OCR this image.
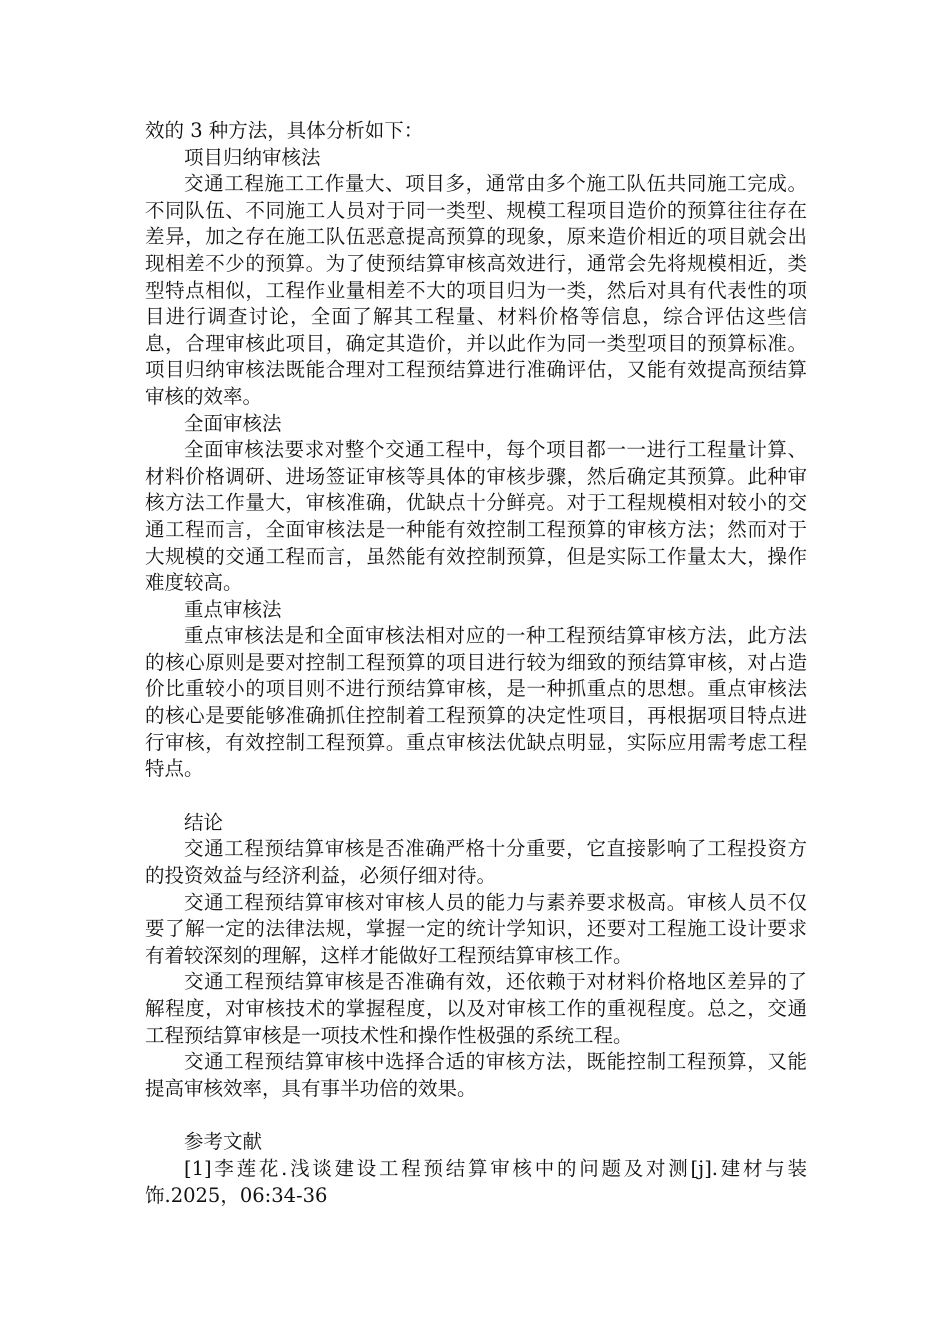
效的 3 种方法，具体分析如下：

项目归纳审核法

交通工程施工工作量大、项目多，通常由多个施工队伍共同施工完成。不同队伍、不同施工人员对于同一类型、规模工程项目造价的预算往往存在差异，加之存在施工队伍恶意提高预算的现象，原来造价相近的项目就会出现相差不少的预算。为了使预结算审核高效进行，通常会先将规模相近，类型特点相似，工程作业量相差不大的项目归为一类，然后对具有代表性的项目进行调查讨论，全面了解其工程量、材料价格等信息，综合评估这些信息，合理审核此项目，确定其造价，并以此作为同一类型项目的预算标准。项目归纳审核法既能合理对工程预结算进行准确评估，又能有效提高预结算审核的效率。

全面审核法

全面审核法要求对整个交通工程中，每个项目都一一进行工程量计算、材料价格调研、进场签证审核等具体的审核步骤，然后确定其预算。此种审核方法工作量大，审核准确，优缺点十分鲜亮。对于工程规模相对较小的交通工程而言，全面审核法是一种能有效控制工程预算的审核方法；然而对于大规模的交通工程而言，虽然能有效控制预算，但是实际工作量太大，操作难度较高。

重点审核法

重点审核法是和全面审核法相对应的一种工程预结算审核方法，此方法的核心原则是要对控制工程预算的项目进行较为细致的预结算审核，对占造价比重较小的项目则不进行预结算审核，是一种抓重点的思想。重点审核法的核心是要能够准确抓住控制着工程预算的决定性项目，再根据项目特点进行审核，有效控制工程预算。重点审核法优缺点明显，实际应用需考虑工程特点。

结论

交通工程预结算审核是否准确严格十分重要，它直接影响了工程投资方的投资效益与经济利益，必须仔细对待。

交通工程预结算审核对审核人员的能力与素养要求极高。审核人员不仅要了解一定的法律法规，掌握一定的统计学知识，还要对工程施工设计要求有着较深刻的理解，这样才能做好工程预结算审核工作。

交通工程预结算审核是否准确有效，还依赖于对材料价格地区差异的了解程度，对审核技术的掌握程度，以及对审核工作的重视程度。总之，交通工程预结算审核是一项技术性和操作性极强的系统工程。

交通工程预结算审核中选择合适的审核方法，既能控制工程预算，又能提高审核效率，具有事半功倍的效果。

参考文献

[1]李莲花.浅谈建设工程预结算审核中的问题及对测[j].建材与装饰.2025，06:34-36
